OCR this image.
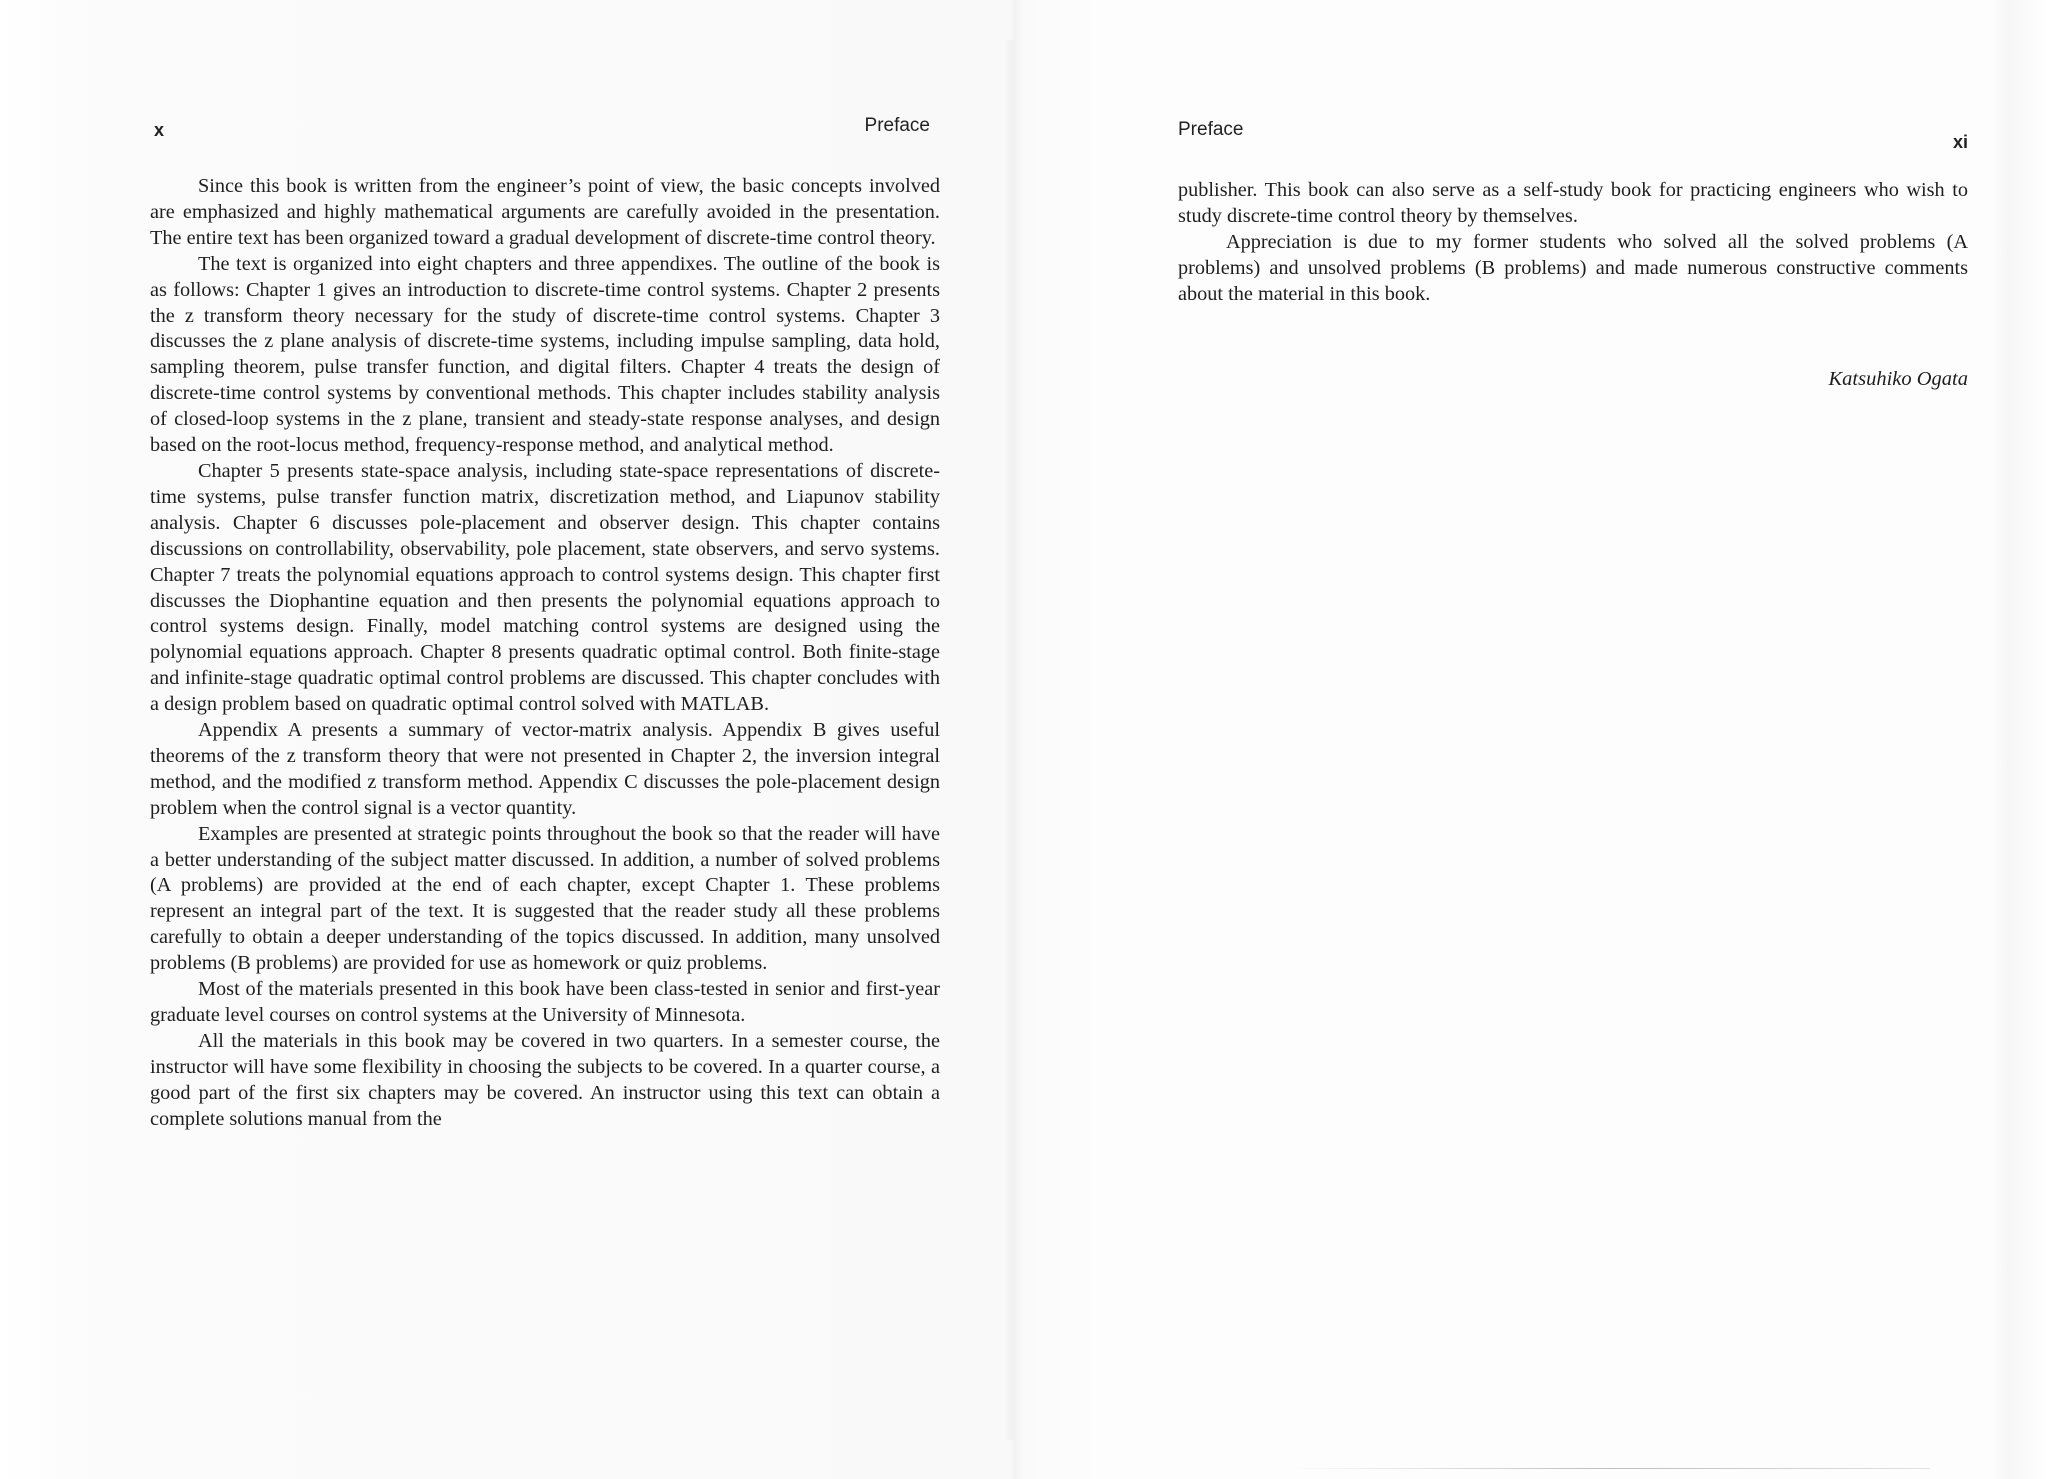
x	Preface

Since this book is written from the engineer’s point of view, the basic concepts involved are emphasized and highly mathematical arguments are carefully avoided in the presentation. The entire text has been organized toward a gradual development of discrete-time control theory.

The text is organized into eight chapters and three appendixes. The outline of the book is as follows: Chapter 1 gives an introduction to discrete-time control systems. Chapter 2 presents the z transform theory necessary for the study of discrete-time control systems. Chapter 3 discusses the z plane analysis of discrete-time systems, including impulse sampling, data hold, sampling theorem, pulse transfer function, and digital filters. Chapter 4 treats the design of discrete-time control systems by conventional methods. This chapter includes stability analysis of closed-loop systems in the z plane, transient and steady-state response analyses, and design based on the root-locus method, frequency-response method, and analytical method.

Chapter 5 presents state-space analysis, including state-space representations of discrete-time systems, pulse transfer function matrix, discretization method, and Liapunov stability analysis. Chapter 6 discusses pole-placement and observer design. This chapter contains discussions on controllability, observability, pole placement, state observers, and servo systems. Chapter 7 treats the polynomial equations approach to control systems design. This chapter first discusses the Diophantine equation and then presents the polynomial equations approach to control systems design. Finally, model matching control systems are designed using the polynomial equations approach. Chapter 8 presents quadratic optimal control. Both finite-stage and infinite-stage quadratic optimal control problems are discussed. This chapter concludes with a design problem based on quadratic optimal control solved with MATLAB.

Appendix A presents a summary of vector-matrix analysis. Appendix B gives useful theorems of the z transform theory that were not presented in Chapter 2, the inversion integral method, and the modified z transform method. Appendix C discusses the pole-placement design problem when the control signal is a vector quantity.

Examples are presented at strategic points throughout the book so that the reader will have a better understanding of the subject matter discussed. In addition, a number of solved problems (A problems) are provided at the end of each chapter, except Chapter 1. These problems represent an integral part of the text. It is suggested that the reader study all these problems carefully to obtain a deeper understanding of the topics discussed. In addition, many unsolved problems (B problems) are provided for use as homework or quiz problems.

Most of the materials presented in this book have been class-tested in senior and first-year graduate level courses on control systems at the University of Minnesota.

All the materials in this book may be covered in two quarters. In a semester course, the instructor will have some flexibility in choosing the subjects to be covered. In a quarter course, a good part of the first six chapters may be covered. An instructor using this text can obtain a complete solutions manual from the

Preface
xi

publisher. This book can also serve as a self-study book for practicing engineers who wish to study discrete-time control theory by themselves.

Appreciation is due to my former students who solved all the solved problems (A problems) and unsolved problems (B problems) and made numerous constructive comments about the material in this book.

Katsuhiko Ogata
